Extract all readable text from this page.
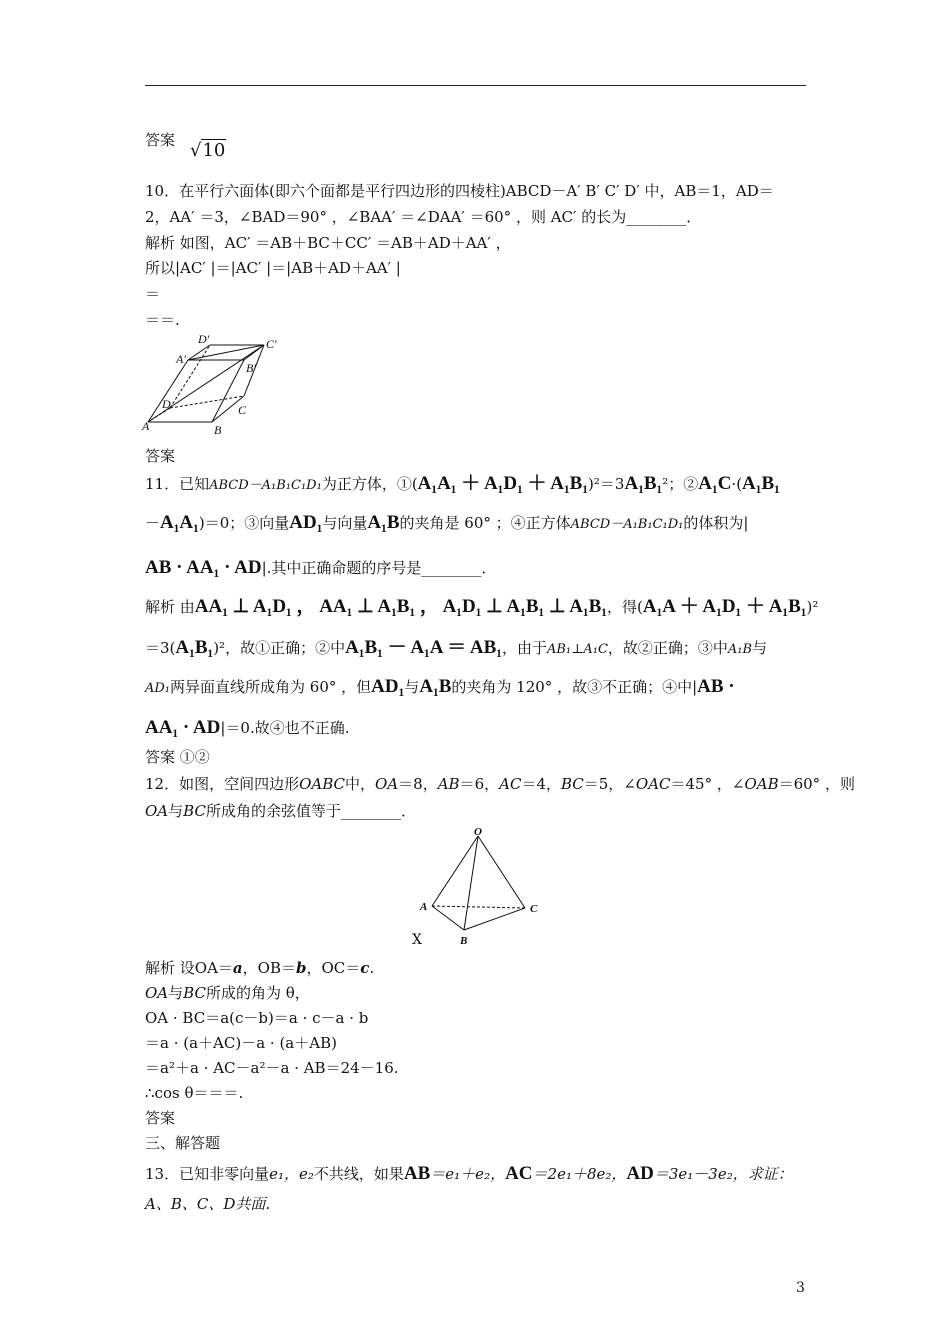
答案 √10
10．在平行六面体(即六个面都是平行四边形的四棱柱)ABCD－A′ B′ C′ D′ 中，AB＝1，AD＝
2，AA′ ＝3，∠BAD＝90° ，∠BAA′ ＝∠DAA′ ＝60° ，则 AC′ 的长为________．
解析 如图，AC′ ＝AB＋BC＋CC′ ＝AB＋AD＋AA′ ，
所以|AC′ |＝|AC′ |＝|AB＋AD＋AA′ |
＝
＝＝.
D′	C′
A′
B′
D	C
A	B
答案
11．已知ABCD－A₁B₁C₁D₁为正方体，①(A₁A₁ ＋ A₁D₁ ＋ A₁B₁)²＝3A₁B₁²；②A₁C·(A₁B₁
－A₁A₁)＝0；③向量AD₁与向量A₁B的夹角是 60° ；④正方体ABCD－A₁B₁C₁D₁的体积为|
AB · AA₁ · AD|.其中正确命题的序号是________．
解析 由AA₁ ⊥ A₁D₁ ， AA₁ ⊥ A₁B₁ ， A₁D₁ ⊥ A₁B₁ ⊥ A₁B₁，得(A₁A ＋ A₁D₁ ＋ A₁B₁)²
＝3(A₁B₁)²，故①正确；②中A₁B₁ － A₁A ＝ AB₁，由于AB₁⊥A₁C，故②正确；③中A₁B与
AD₁两异面直线所成角为 60° ，但AD₁与A₁B的夹角为 120° ，故③不正确；④中|AB ·
AA₁ · AD|＝0.故④也不正确.
答案 ①②
12．如图，空间四边形OABC中，OA＝8，AB＝6，AC＝4，BC＝5，∠OAC＝45° ，∠OAB＝60° ，则
OA与BC所成角的余弦值等于________．
O
A	C
B
X
解析 设OA＝a，OB＝b，OC＝c.
OA与BC所成的角为 θ，
OA · BC＝a(c－b)＝a · c－a · b
＝a · (a＋AC)－a · (a＋AB)
＝a²＋a · AC－a²－a · AB＝24－16.
∴cos θ＝＝＝.
答案
三、解答题
13．已知非零向量e₁，e₂不共线，如果AB＝e₁＋e₂，AC＝2e₁＋8e₂，AD＝3e₁－3e₂，求证：
A、B、C、D共面.
3
